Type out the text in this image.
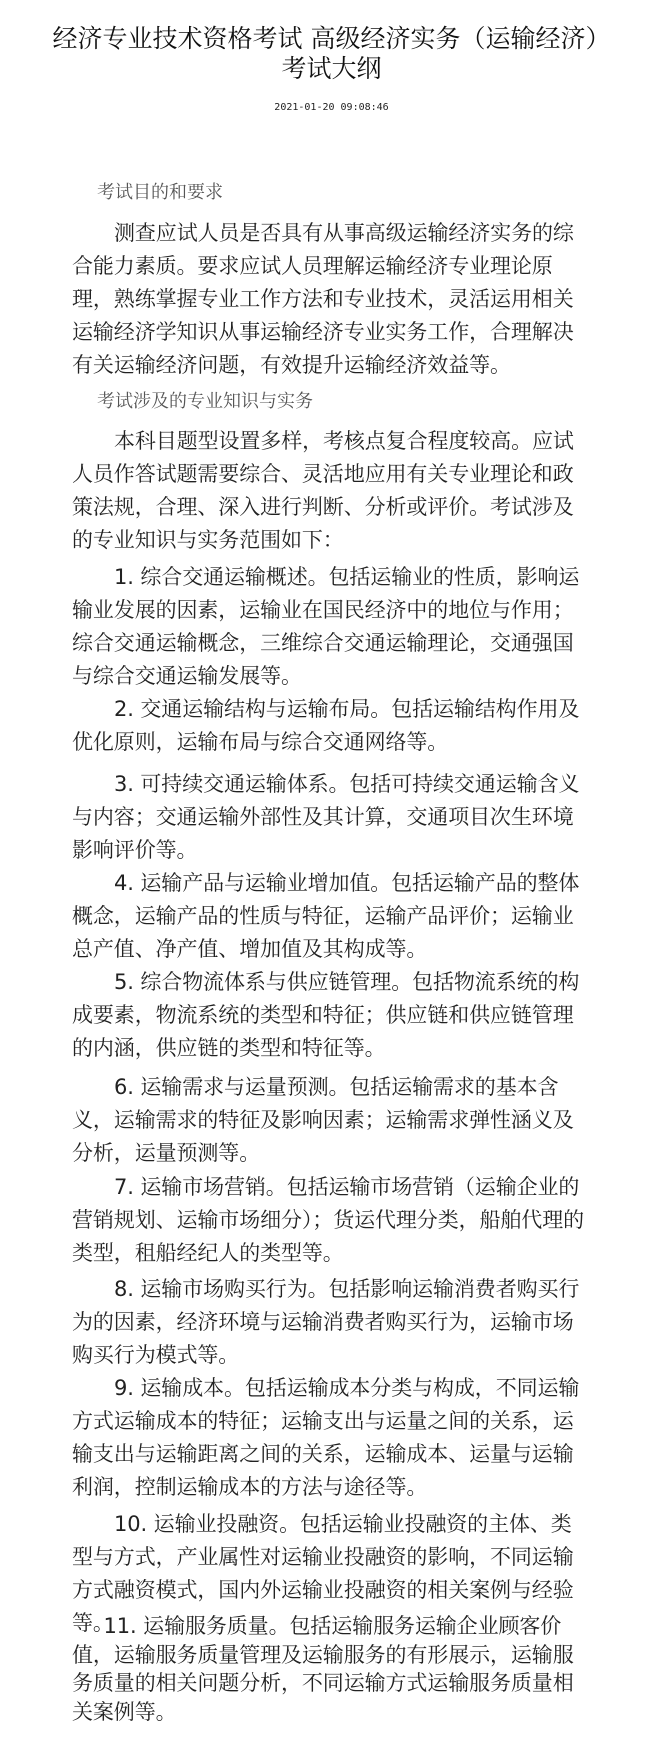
经济专业技术资格考试 高级经济实务（运输经济）
考试大纲
2021-01-20 09:08:46
考试目的和要求

测查应试人员是否具有从事高级运输经济实务的综合能力素质。要求应试人员理解运输经济专业理论原理，熟练掌握专业工作方法和专业技术，灵活运用相关运输经济学知识从事运输经济专业实务工作，合理解决有关运输经济问题，有效提升运输经济效益等。

考试涉及的专业知识与实务

本科目题型设置多样，考核点复合程度较高。应试人员作答试题需要综合、灵活地应用有关专业理论和政策法规，合理、深入进行判断、分析或评价。考试涉及的专业知识与实务范围如下：

1. 综合交通运输概述。包括运输业的性质，影响运输业发展的因素，运输业在国民经济中的地位与作用；综合交通运输概念，三维综合交通运输理论，交通强国与综合交通运输发展等。

2. 交通运输结构与运输布局。包括运输结构作用及优化原则，运输布局与综合交通网络等。

3. 可持续交通运输体系。包括可持续交通运输含义与内容；交通运输外部性及其计算，交通项目次生环境影响评价等。

4. 运输产品与运输业增加值。包括运输产品的整体概念，运输产品的性质与特征，运输产品评价；运输业总产值、净产值、增加值及其构成等。

5. 综合物流体系与供应链管理。包括物流系统的构成要素，物流系统的类型和特征；供应链和供应链管理的内涵，供应链的类型和特征等。

6. 运输需求与运量预测。包括运输需求的基本含义，运输需求的特征及影响因素；运输需求弹性涵义及分析，运量预测等。

7. 运输市场营销。包括运输市场营销（运输企业的营销规划、运输市场细分）；货运代理分类，船舶代理的类型，租船经纪人的类型等。

8. 运输市场购买行为。包括影响运输消费者购买行为的因素，经济环境与运输消费者购买行为，运输市场购买行为模式等。

9. 运输成本。包括运输成本分类与构成，不同运输方式运输成本的特征；运输支出与运量之间的关系，运输支出与运输距离之间的关系，运输成本、运量与运输利润，控制运输成本的方法与途径等。

10. 运输业投融资。包括运输业投融资的主体、类型与方式，产业属性对运输业投融资的影响，不同运输方式融资模式，国内外运输业投融资的相关案例与经验等。

11. 运输服务质量。包括运输服务运输企业顾客价值，运输服务质量管理及运输服务的有形展示，运输服务质量的相关问题分析，不同运输方式运输服务质量相关案例等。
